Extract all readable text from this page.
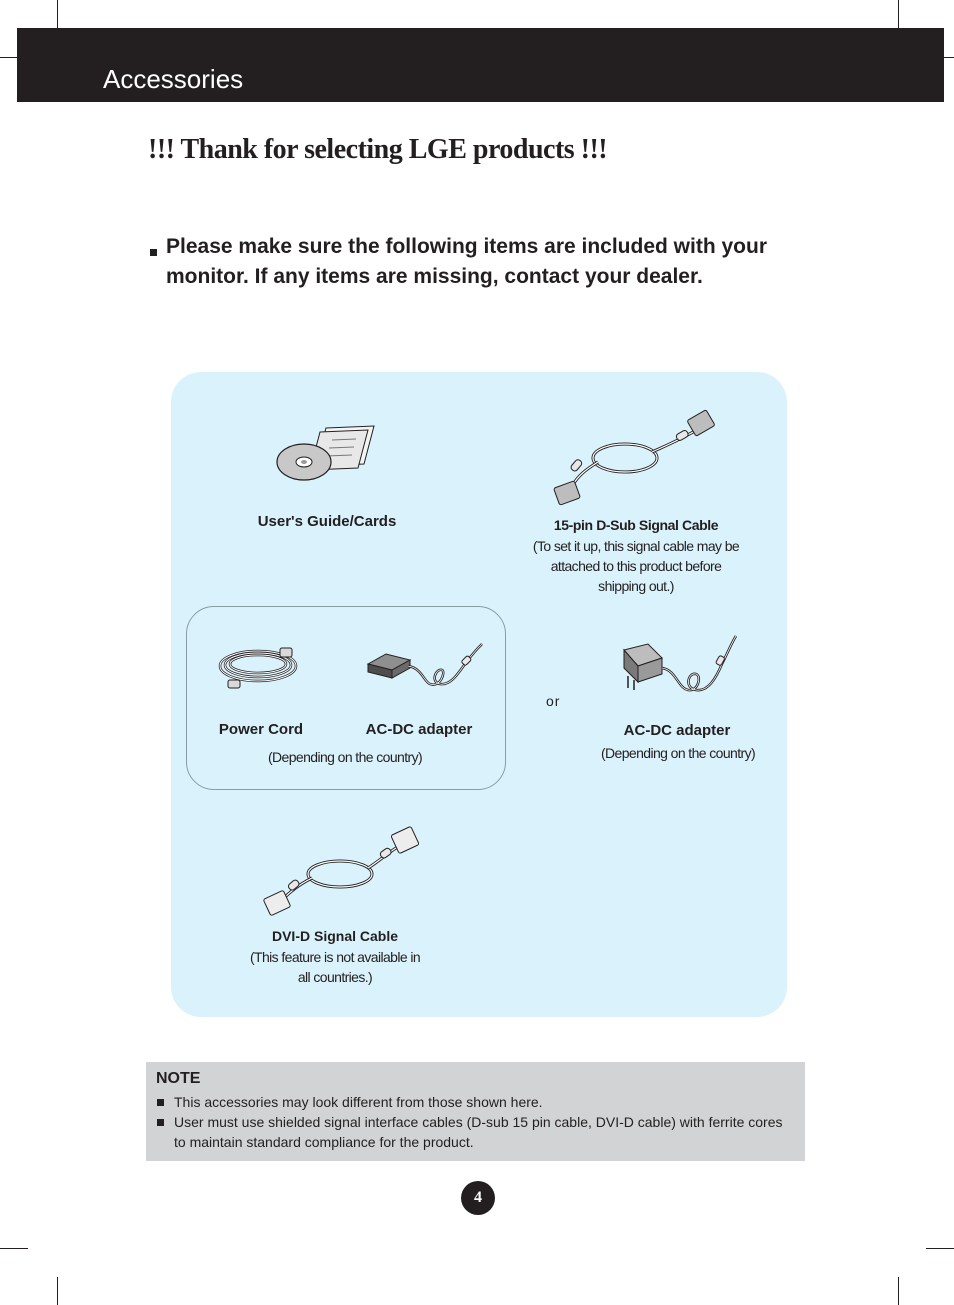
Accessories
!!! Thank for selecting LGE products !!!
Please make sure the following items are included with your monitor. If any items are missing, contact your dealer.
User's Guide/Cards	15-pin D-Sub Signal Cable
(To set it up, this signal cable may be
attached to this product before
shipping out.)
Power Cord	AC-DC adapter
(Depending on the country)
or
AC-DC adapter
(Depending on the country)
DVI-D Signal Cable
(This feature is not available in
all countries.)
NOTE
This accessories may look different from those shown here.
User must use shielded signal interface cables (D-sub 15 pin cable, DVI-D cable) with ferrite cores to maintain standard compliance for the product.
4
